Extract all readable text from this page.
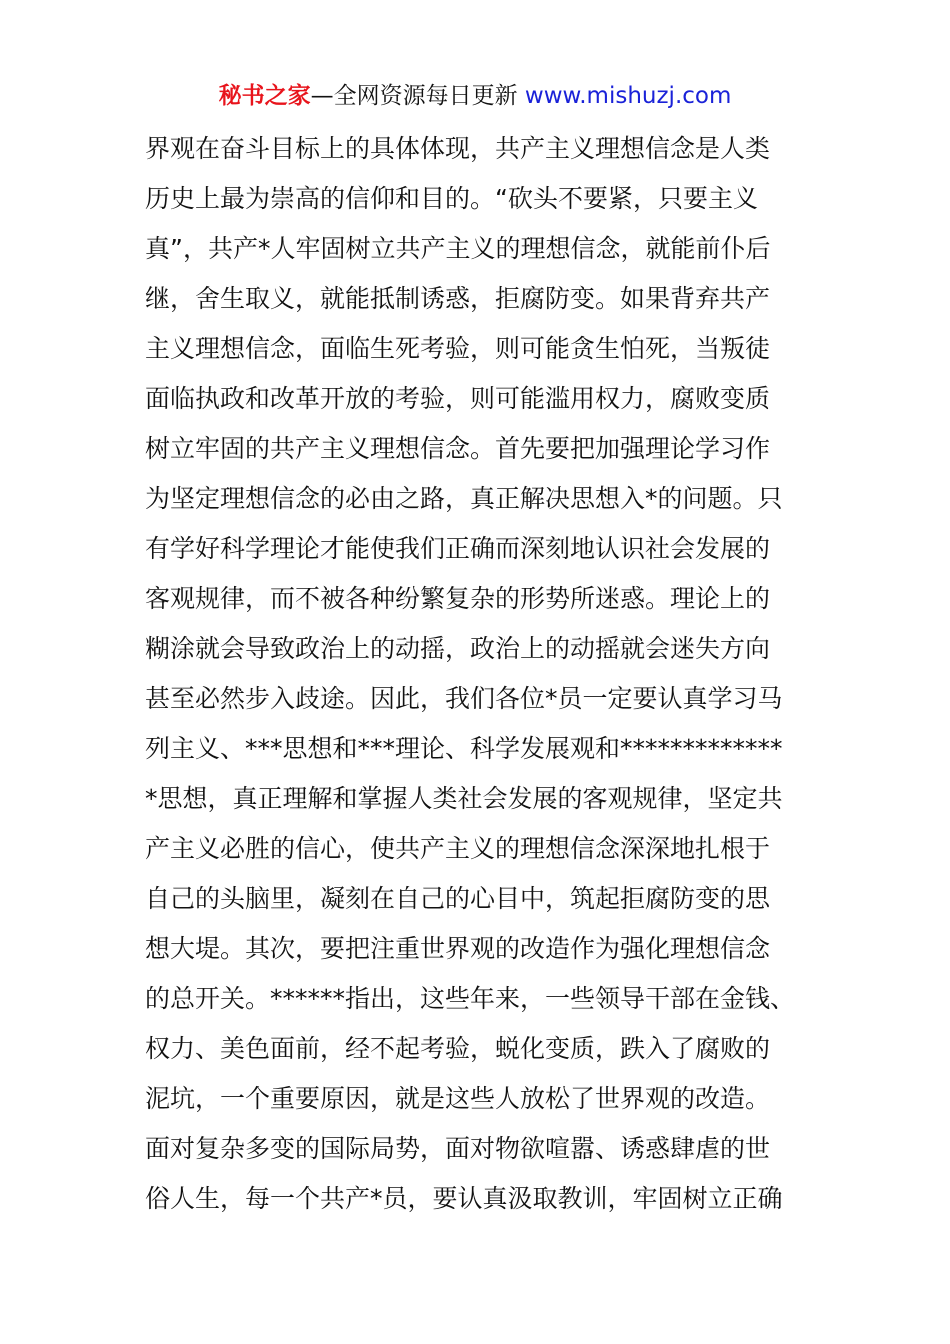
秘书之家—全网资源每日更新 www.mishuzj.com
界观在奋斗目标上的具体体现，共产主义理想信念是人类
历史上最为崇高的信仰和目的。“砍头不要紧，只要主义
真”，共产*人牢固树立共产主义的理想信念，就能前仆后
继，舍生取义，就能抵制诱惑，拒腐防变。如果背弃共产
主义理想信念，面临生死考验，则可能贪生怕死，当叛徒
面临执政和改革开放的考验，则可能滥用权力，腐败变质
树立牢固的共产主义理想信念。首先要把加强理论学习作
为坚定理想信念的必由之路，真正解决思想入*的问题。只
有学好科学理论才能使我们正确而深刻地认识社会发展的
客观规律，而不被各种纷繁复杂的形势所迷惑。理论上的
糊涂就会导致政治上的动摇，政治上的动摇就会迷失方向
甚至必然步入歧途。因此，我们各位*员一定要认真学习马
列主义、***思想和***理论、科学发展观和*************
*思想，真正理解和掌握人类社会发展的客观规律，坚定共
产主义必胜的信心，使共产主义的理想信念深深地扎根于
自己的头脑里，凝刻在自己的心目中，筑起拒腐防变的思
想大堤。其次，要把注重世界观的改造作为强化理想信念
的总开关。******指出，这些年来，一些领导干部在金钱、
权力、美色面前，经不起考验，蜕化变质，跌入了腐败的
泥坑，一个重要原因，就是这些人放松了世界观的改造。
面对复杂多变的国际局势，面对物欲喧嚣、诱惑肆虐的世
俗人生，每一个共产*员，要认真汲取教训，牢固树立正确
